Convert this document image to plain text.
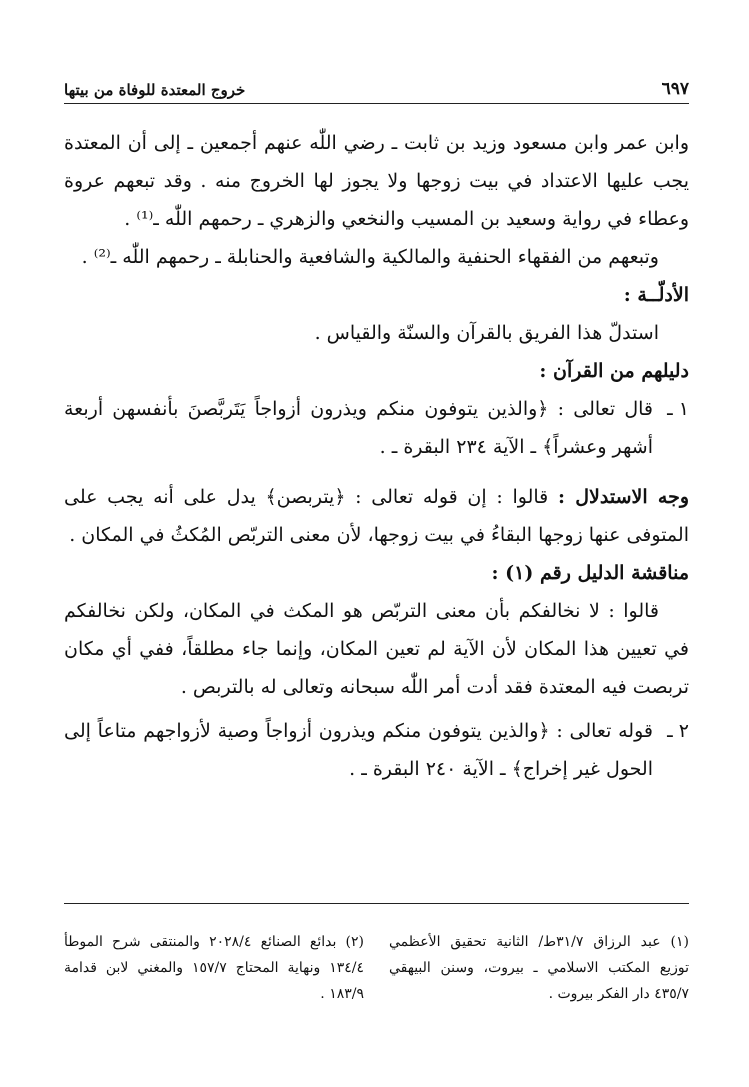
خروج المعتدة للوفاة من بيتها	٦٩٧

وابن عمر وابن مسعود وزيد بن ثابت ـ رضي اللّٰه عنهم أجمعين ـ إلى أن المعتدة يجب عليها الاعتداد في بيت زوجها ولا يجوز لها الخروج منه . وقد تبعهم عروة وعطاء في رواية وسعيد بن المسيب والنخعي والزهري ـ رحمهم اللّٰه ـ⁽¹⁾ .

وتبعهم من الفقهاء الحنفية والمالكية والشافعية والحنابلة ـ رحمهم اللّٰه ـ⁽²⁾ .

الأدلّــة :

استدلّ هذا الفريق بالقرآن والسنّة والقياس .

دليلهم من القرآن :

١ ـ
قال تعالى : ﴿والذين يتوفون منكم ويذرون أزواجاً يَتَربَّصنَ بأنفسهن أربعة أشهر وعشراً﴾ ـ الآية ٢٣٤ البقرة ـ .

وجه الاستدلال : قالوا : إن قوله تعالى : ﴿يتربصن﴾ يدل على أنه يجب على المتوفى عنها زوجها البقاءُ في بيت زوجها، لأن معنى التربّص المُكثُ في المكان .

مناقشة الدليل رقم (١) :

قالوا : لا نخالفكم بأن معنى التربّص هو المكث في المكان، ولكن نخالفكم في تعيين هذا المكان لأن الآية لم تعين المكان، وإنما جاء مطلقاً، ففي أي مكان تربصت فيه المعتدة فقد أدت أمر اللّٰه سبحانه وتعالى له بالتربص .

٢ ـ
قوله تعالى : ﴿والذين يتوفون منكم ويذرون أزواجاً وصية لأزواجهم متاعاً إلى الحول غير إخراج﴾ ـ الآية ٢٤٠ البقرة ـ .

(١) عبد الرزاق ٣١/٧ط/ الثانية تحقيق الأعظمي توزيع المكتب الاسلامي ـ بيروت، وسنن البيهقي ٤٣٥/٧ دار الفكر بيروت .

(٢) بدائع الصنائع ٢٠٢٨/٤ والمنتقى شرح الموطأ ١٣٤/٤ ونهاية المحتاج ١٥٧/٧ والمغني لابن قدامة ١٨٣/٩ .
